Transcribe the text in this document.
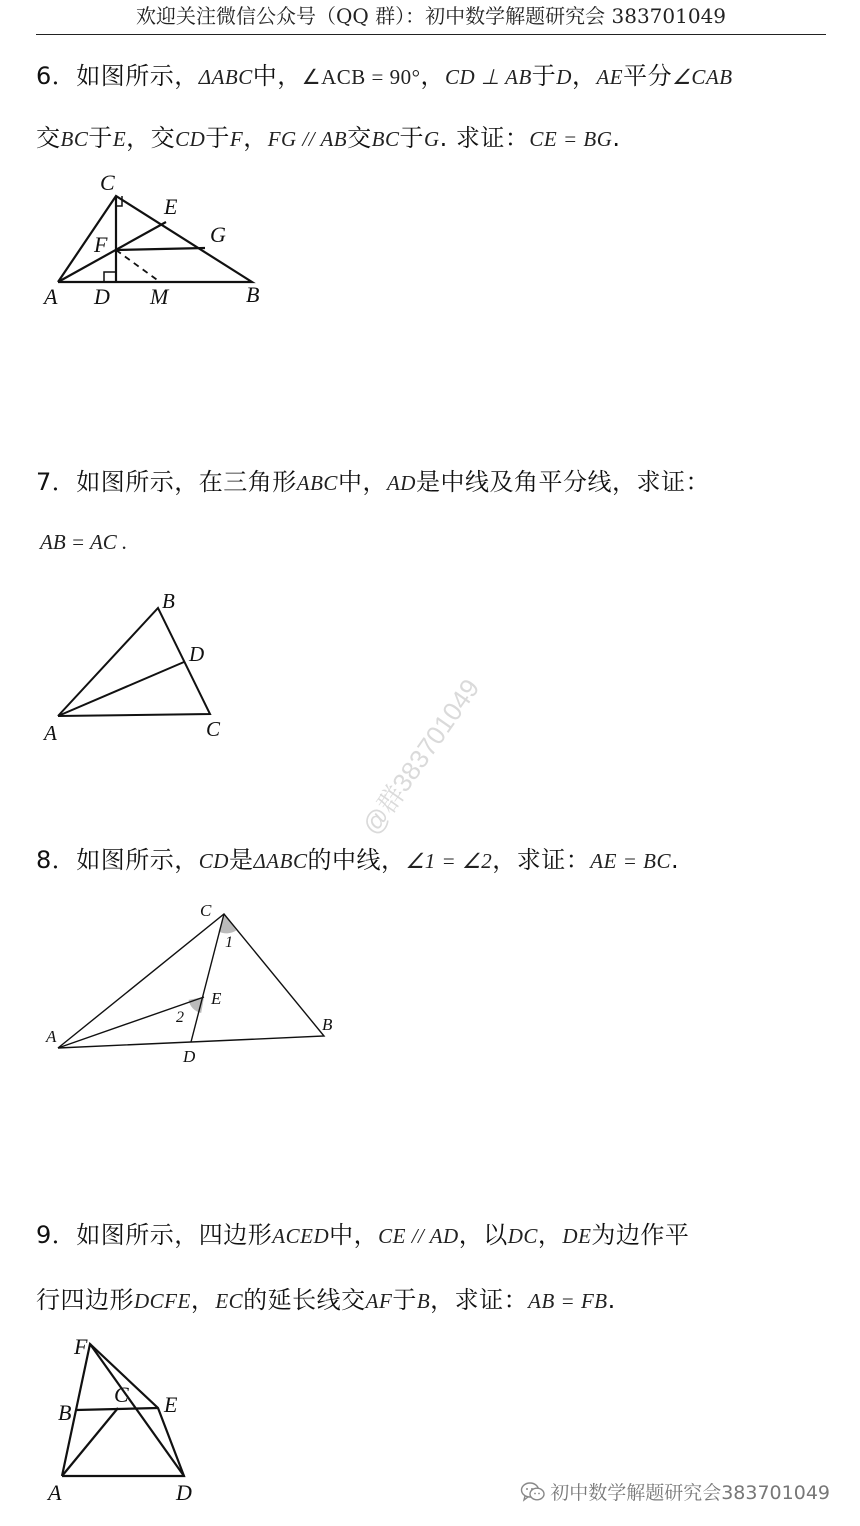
欢迎关注微信公众号（QQ 群）：初中数学解题研究会 383701049
6．如图所示，ΔABC中，∠ACB = 90°，CD ⊥ AB于D，AE平分∠CAB
交BC于E，交CD于F，FG // AB交BC于G. 求证：CE = BG.
C
E
F	G
A D M	B
7．如图所示，在三角形ABC中，AD是中线及角平分线，求证：
AB = AC .
B
D
A	C
8．如图所示，CD是ΔABC的中线，∠1 = ∠2，求证：AE = BC.
C
1
E
2
A
B
D
9．如图所示，四边形ACED中，CE // AD，以DC，DE为边作平
行四边形DCFE，EC的延长线交AF于B，求证：AB = FB.
F
C
B	E
A	D
@群383701049
初中数学解题研究会383701049
